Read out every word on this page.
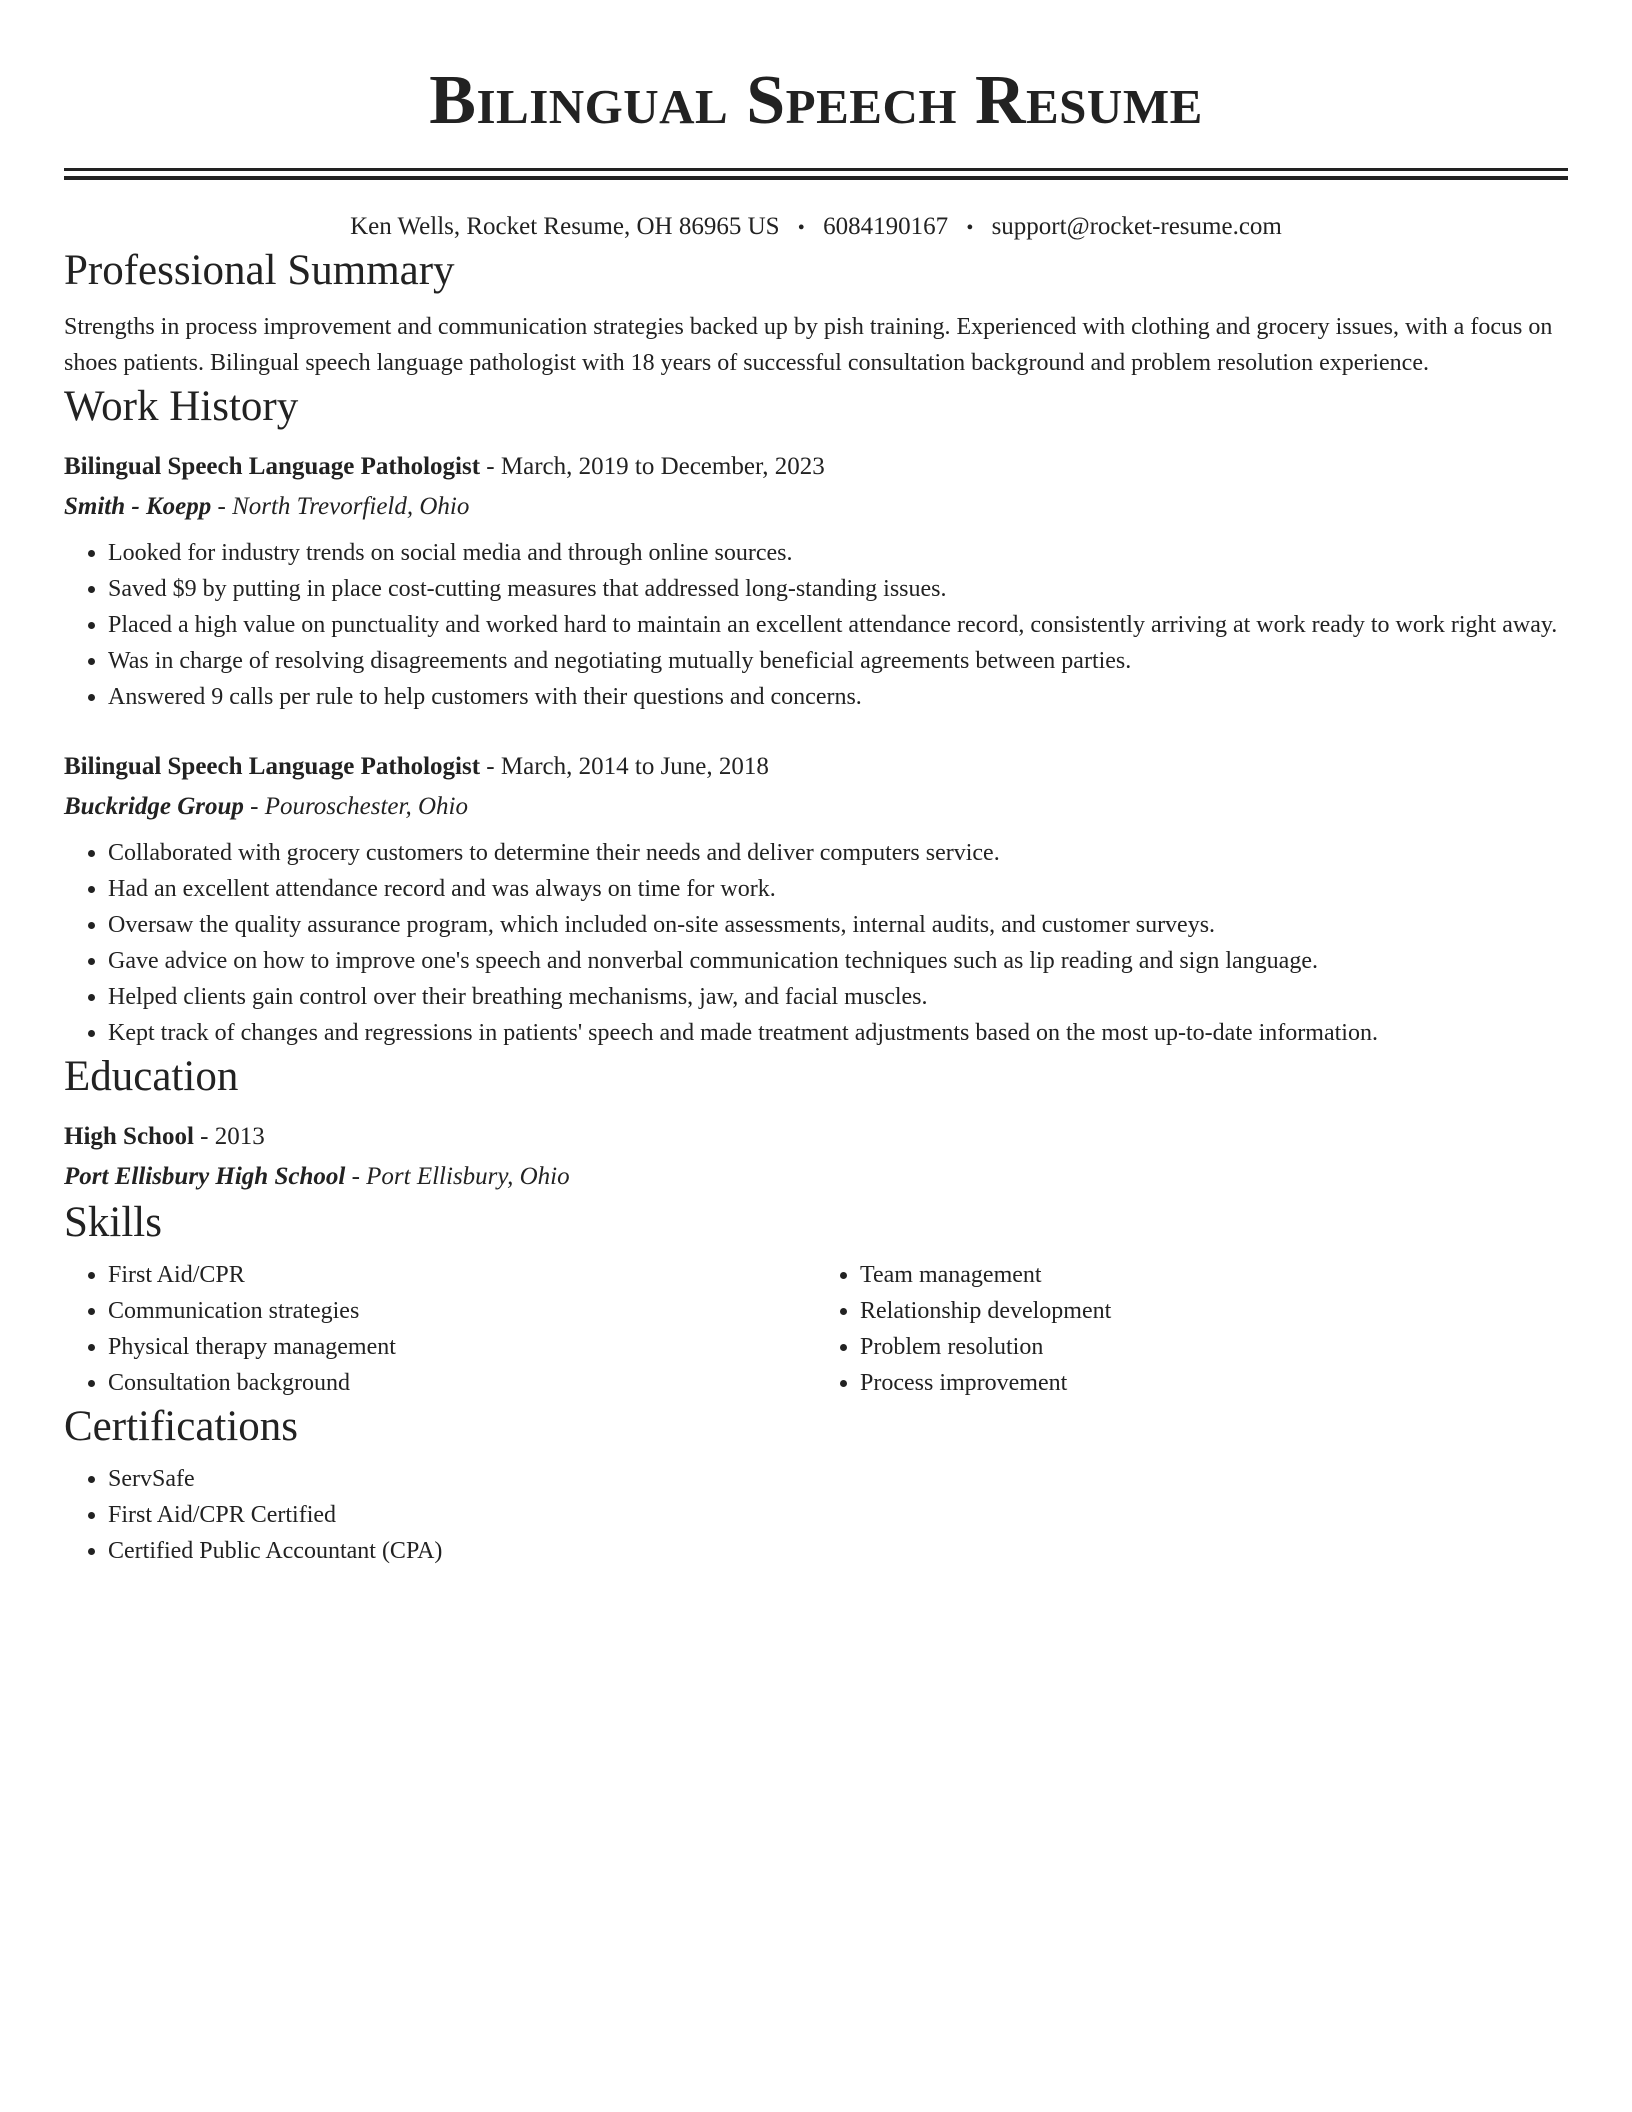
Bilingual Speech Resume
Ken Wells, Rocket Resume, OH 86965 US • 6084190167 • support@rocket-resume.com
Professional Summary

Strengths in process improvement and communication strategies backed up by pish training. Experienced with clothing and grocery issues, with a focus on shoes patients. Bilingual speech language pathologist with 18 years of successful consultation background and problem resolution experience.

Work History
Bilingual Speech Language Pathologist - March, 2019 to December, 2023
Smith - Koepp - North Trevorfield, Ohio
• Looked for industry trends on social media and through online sources.
• Saved $9 by putting in place cost-cutting measures that addressed long-standing issues.
• Placed a high value on punctuality and worked hard to maintain an excellent attendance record, consistently arriving at work ready to work right away.
• Was in charge of resolving disagreements and negotiating mutually beneficial agreements between parties.
• Answered 9 calls per rule to help customers with their questions and concerns.
Bilingual Speech Language Pathologist - March, 2014 to June, 2018
Buckridge Group - Pouroschester, Ohio
• Collaborated with grocery customers to determine their needs and deliver computers service.
• Had an excellent attendance record and was always on time for work.
• Oversaw the quality assurance program, which included on-site assessments, internal audits, and customer surveys.
• Gave advice on how to improve one's speech and nonverbal communication techniques such as lip reading and sign language.
• Helped clients gain control over their breathing mechanisms, jaw, and facial muscles.
• Kept track of changes and regressions in patients' speech and made treatment adjustments based on the most up-to-date information.
Education
High School - 2013
Port Ellisbury High School - Port Ellisbury, Ohio
Skills
• First Aid/CPR
• Communication strategies
• Physical therapy management
• Consultation background
• Team management
• Relationship development
• Problem resolution
• Process improvement
Certifications
• ServSafe
• First Aid/CPR Certified
• Certified Public Accountant (CPA)
